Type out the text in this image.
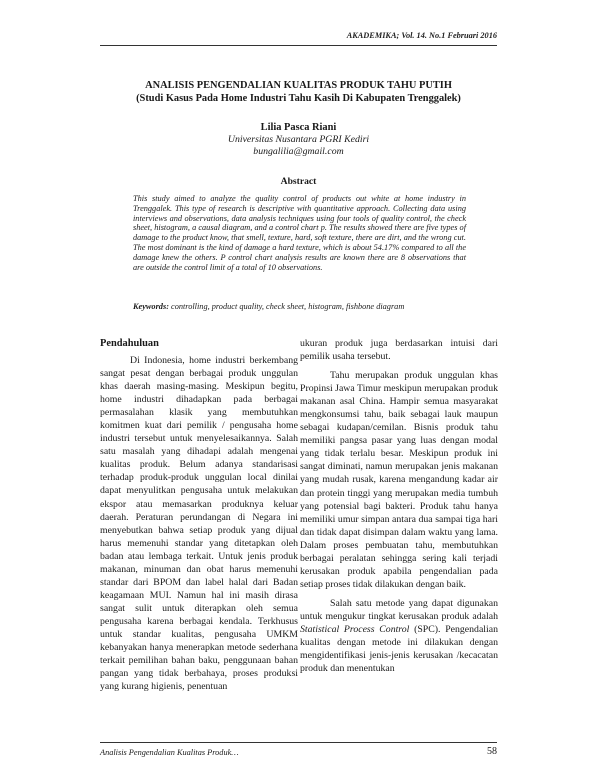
AKADEMIKA; Vol. 14. No.1 Februari 2016
ANALISIS PENGENDALIAN KUALITAS PRODUK TAHU PUTIH
(Studi Kasus Pada Home Industri Tahu Kasih Di Kabupaten Trenggalek)
Lilia Pasca Riani
Universitas Nusantara PGRI Kediri
bungalilia@gmail.com
Abstract
This study aimed to analyze the quality control of products out white at home industry in Trenggalek. This type of research is descriptive with quantitative approach. Collecting data using interviews and observations, data analysis techniques using four tools of quality control, the check sheet, histogram, a causal diagram, and a control chart p. The results showed there are five types of damage to the product know, that smell, texture, hard, soft texture, there are dirt, and the wrong cut. The most dominant is the kind of damage a hard texture, which is about 54.17% compared to all the damage knew the others. P control chart analysis results are known there are 8 observations that are outside the control limit of a total of 10 observations.
Keywords: controlling, product quality, check sheet, histogram, fishbone diagram
Pendahuluan

Di Indonesia, home industri berkembang sangat pesat dengan berbagai produk unggulan khas daerah masing-masing. Meskipun begitu, home industri dihadapkan pada berbagai permasalahan klasik yang membutuhkan komitmen kuat dari pemilik / pengusaha home industri tersebut untuk menyelesaikannya. Salah satu masalah yang dihadapi adalah mengenai kualitas produk. Belum adanya standarisasi terhadap produk-produk unggulan local dinilai dapat menyulitkan pengusaha untuk melakukan ekspor atau memasarkan produknya keluar daerah. Peraturan perundangan di Negara ini menyebutkan bahwa setiap produk yang dijual harus memenuhi standar yang ditetapkan oleh badan atau lembaga terkait. Untuk jenis produk makanan, minuman dan obat harus memenuhi standar dari BPOM dan label halal dari Badan keagamaan MUI. Namun hal ini masih dirasa sangat sulit untuk diterapkan oleh semua pengusaha karena berbagai kendala. Terkhusus untuk standar kualitas, pengusaha UMKM kebanyakan hanya menerapkan metode sederhana terkait pemilihan bahan baku, penggunaan bahan pangan yang tidak berbahaya, proses produksi yang kurang higienis, penentuan

ukuran produk juga berdasarkan intuisi dari pemilik usaha tersebut.

Tahu merupakan produk unggulan khas Propinsi Jawa Timur meskipun merupakan produk makanan asal China. Hampir semua masyarakat mengkonsumsi tahu, baik sebagai lauk maupun sebagai kudapan/cemilan. Bisnis produk tahu memiliki pangsa pasar yang luas dengan modal yang tidak terlalu besar. Meskipun produk ini sangat diminati, namun merupakan jenis makanan yang mudah rusak, karena mengandung kadar air dan protein tinggi yang merupakan media tumbuh yang potensial bagi bakteri. Produk tahu hanya memiliki umur simpan antara dua sampai tiga hari dan tidak dapat disimpan dalam waktu yang lama. Dalam proses pembuatan tahu, membutuhkan berbagai peralatan sehingga sering kali terjadi kerusakan produk apabila pengendalian pada setiap proses tidak dilakukan dengan baik.

Salah satu metode yang dapat digunakan untuk mengukur tingkat kerusakan produk adalah Statistical Process Control (SPC). Pengendalian kualitas dengan metode ini dilakukan dengan mengidentifikasi jenis-jenis kerusakan /kecacatan produk dan menentukan

Analisis Pengendalian Kualitas Produk…	58
